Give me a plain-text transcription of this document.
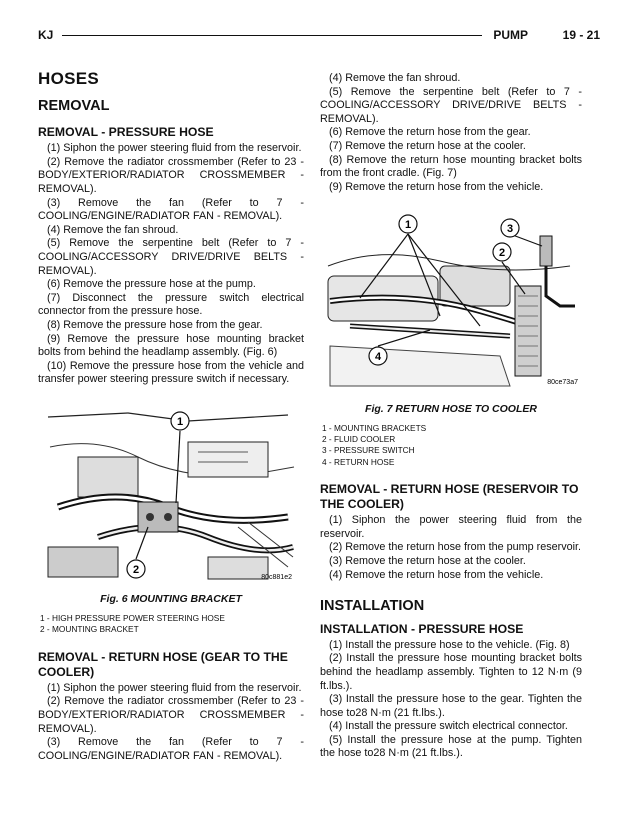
KJ	PUMP	19 - 21
HOSES
REMOVAL
REMOVAL - PRESSURE HOSE

(1) Siphon the power steering fluid from the reservoir.

(2) Remove the radiator crossmember (Refer to 23 - BODY/EXTERIOR/RADIATOR CROSSMEMBER - REMOVAL).

(3) Remove the fan (Refer to 7 - COOLING/ENGINE/RADIATOR FAN - REMOVAL).

(4) Remove the fan shroud.

(5) Remove the serpentine belt (Refer to 7 - COOLING/ACCESSORY DRIVE/DRIVE BELTS - REMOVAL).

(6) Remove the pressure hose at the pump.

(7) Disconnect the pressure switch electrical connector from the pressure hose.

(8) Remove the pressure hose from the gear.

(9) Remove the pressure hose mounting bracket bolts from behind the headlamp assembly. (Fig. 6)

(10) Remove the pressure hose from the vehicle and transfer power steering pressure switch if necessary.

1
2
80c881e2
Fig. 6 MOUNTING BRACKET
1 - HIGH PRESSURE POWER STEERING HOSE
2 - MOUNTING BRACKET
REMOVAL - RETURN HOSE (GEAR TO THE COOLER)

(1) Siphon the power steering fluid from the reservoir.

(2) Remove the radiator crossmember (Refer to 23 - BODY/EXTERIOR/RADIATOR CROSSMEMBER - REMOVAL).

(3) Remove the fan (Refer to 7 - COOLING/ENGINE/RADIATOR FAN - REMOVAL).

(4) Remove the fan shroud.

(5) Remove the serpentine belt (Refer to 7 - COOLING/ACCESSORY DRIVE/DRIVE BELTS - REMOVAL).

(6) Remove the return hose from the gear.

(7) Remove the return hose at the cooler.

(8) Remove the return hose mounting bracket bolts from the front cradle. (Fig. 7)

(9) Remove the return hose from the vehicle.

1
2
3
4
80ce73a7
Fig. 7 RETURN HOSE TO COOLER
1 - MOUNTING BRACKETS
2 - FLUID COOLER
3 - PRESSURE SWITCH
4 - RETURN HOSE
REMOVAL - RETURN HOSE (RESERVOIR TO THE COOLER)

(1) Siphon the power steering fluid from the reservoir.

(2) Remove the return hose from the pump reservoir.

(3) Remove the return hose at the cooler.

(4) Remove the return hose from the vehicle.

INSTALLATION
INSTALLATION - PRESSURE HOSE

(1) Install the pressure hose to the vehicle. (Fig. 8)

(2) Install the pressure hose mounting bracket bolts behind the headlamp assembly. Tighten to 12 N·m (9 ft.lbs.).

(3) Install the pressure hose to the gear. Tighten the hose to28 N·m (21 ft.lbs.).

(4) Install the pressure switch electrical connector.

(5) Install the pressure hose at the pump. Tighten the hose to28 N·m (21 ft.lbs.).
